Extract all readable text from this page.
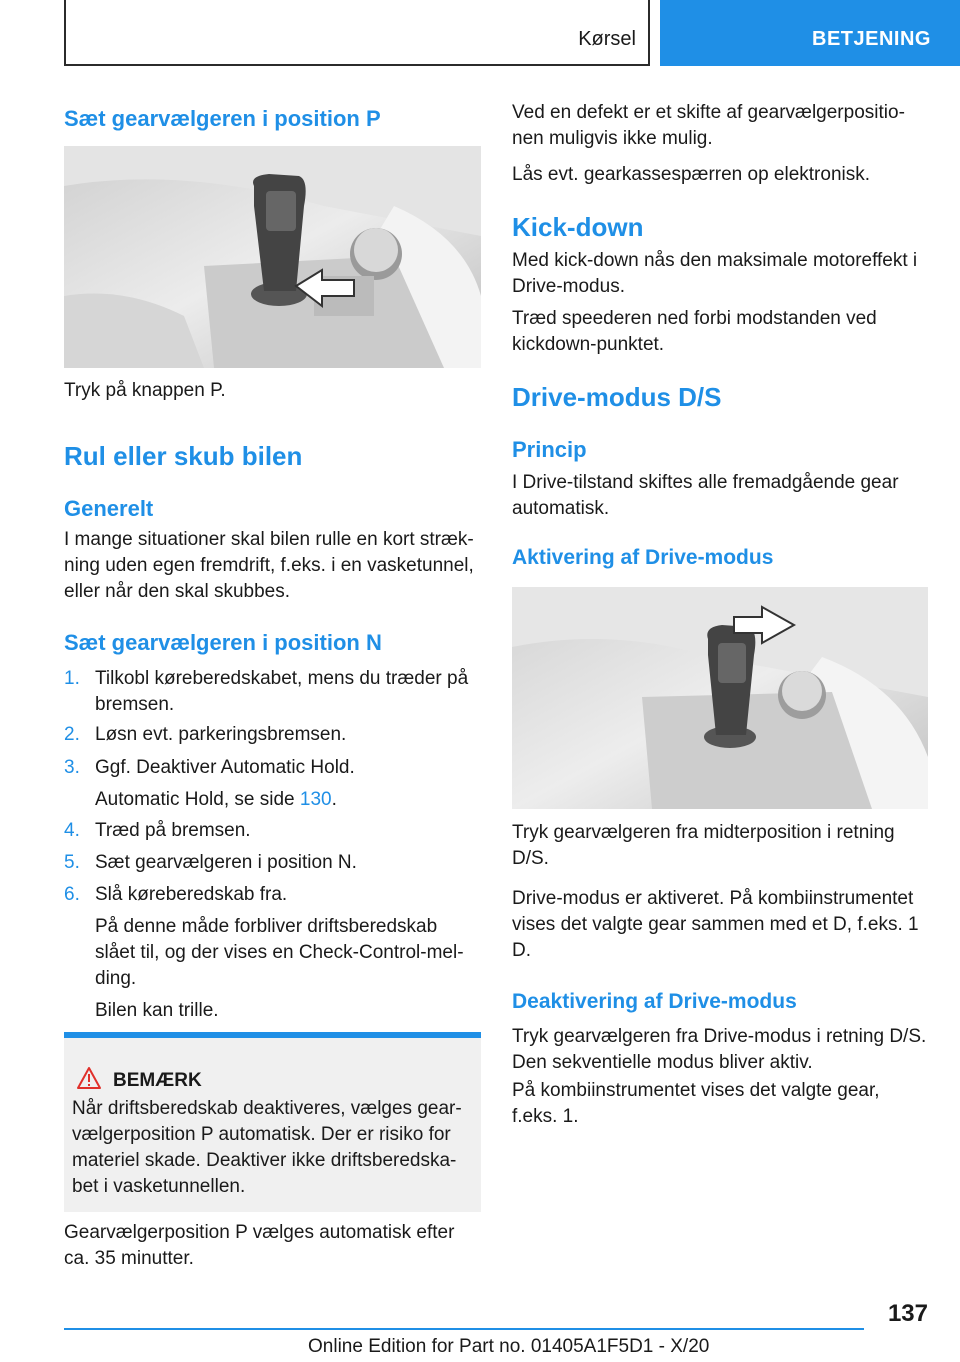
Kørsel	BETJENING
Sæt gearvælgeren i position P
Tryk på knappen P.
Rul eller skub bilen
Generelt
I mange situationer skal bilen rulle en kort strækning uden egen fremdrift, f.eks. i en vasketunnel, eller når den skal skubbes.
Sæt gearvælgeren i position N
1. Tilkobl køreberedskabet, mens du træder på bremsen.
2. Løsn evt. parkeringsbremsen.
3. Ggf. Deaktiver Automatic Hold.
Automatic Hold, se side 130.
4. Træd på bremsen.
5. Sæt gearvælgeren i position N.
6. Slå køreberedskab fra.
På denne måde forbliver driftsberedskab slået til, og der vises en Check-Control-melding.
Bilen kan trille.
BEMÆRK
Når driftsberedskab deaktiveres, vælges gearvælgerposition P automatisk. Der er risiko for materiel skade. Deaktiver ikke driftsberedskabet i vasketunnellen.
Gearvælgerposition P vælges automatisk efter ca. 35 minutter.
Ved en defekt er et skifte af gearvælgerpositionen muligvis ikke mulig.
Lås evt. gearkassespærren op elektronisk.
Kick-down
Med kick-down nås den maksimale motoreffekt i Drive-modus.
Træd speederen ned forbi modstanden ved kickdown-punktet.
Drive-modus D/S
Princip
I Drive-tilstand skiftes alle fremadgående gear automatisk.
Aktivering af Drive-modus
Tryk gearvælgeren fra midterposition i retning D/S.
Drive-modus er aktiveret. På kombiinstrumentet vises det valgte gear sammen med et D, f.eks. 1 D.
Deaktivering af Drive-modus
Tryk gearvælgeren fra Drive-modus i retning D/S. Den sekventielle modus bliver aktiv.
På kombiinstrumentet vises det valgte gear, f.eks. 1.
137
Online Edition for Part no. 01405A1F5D1 - X/20
